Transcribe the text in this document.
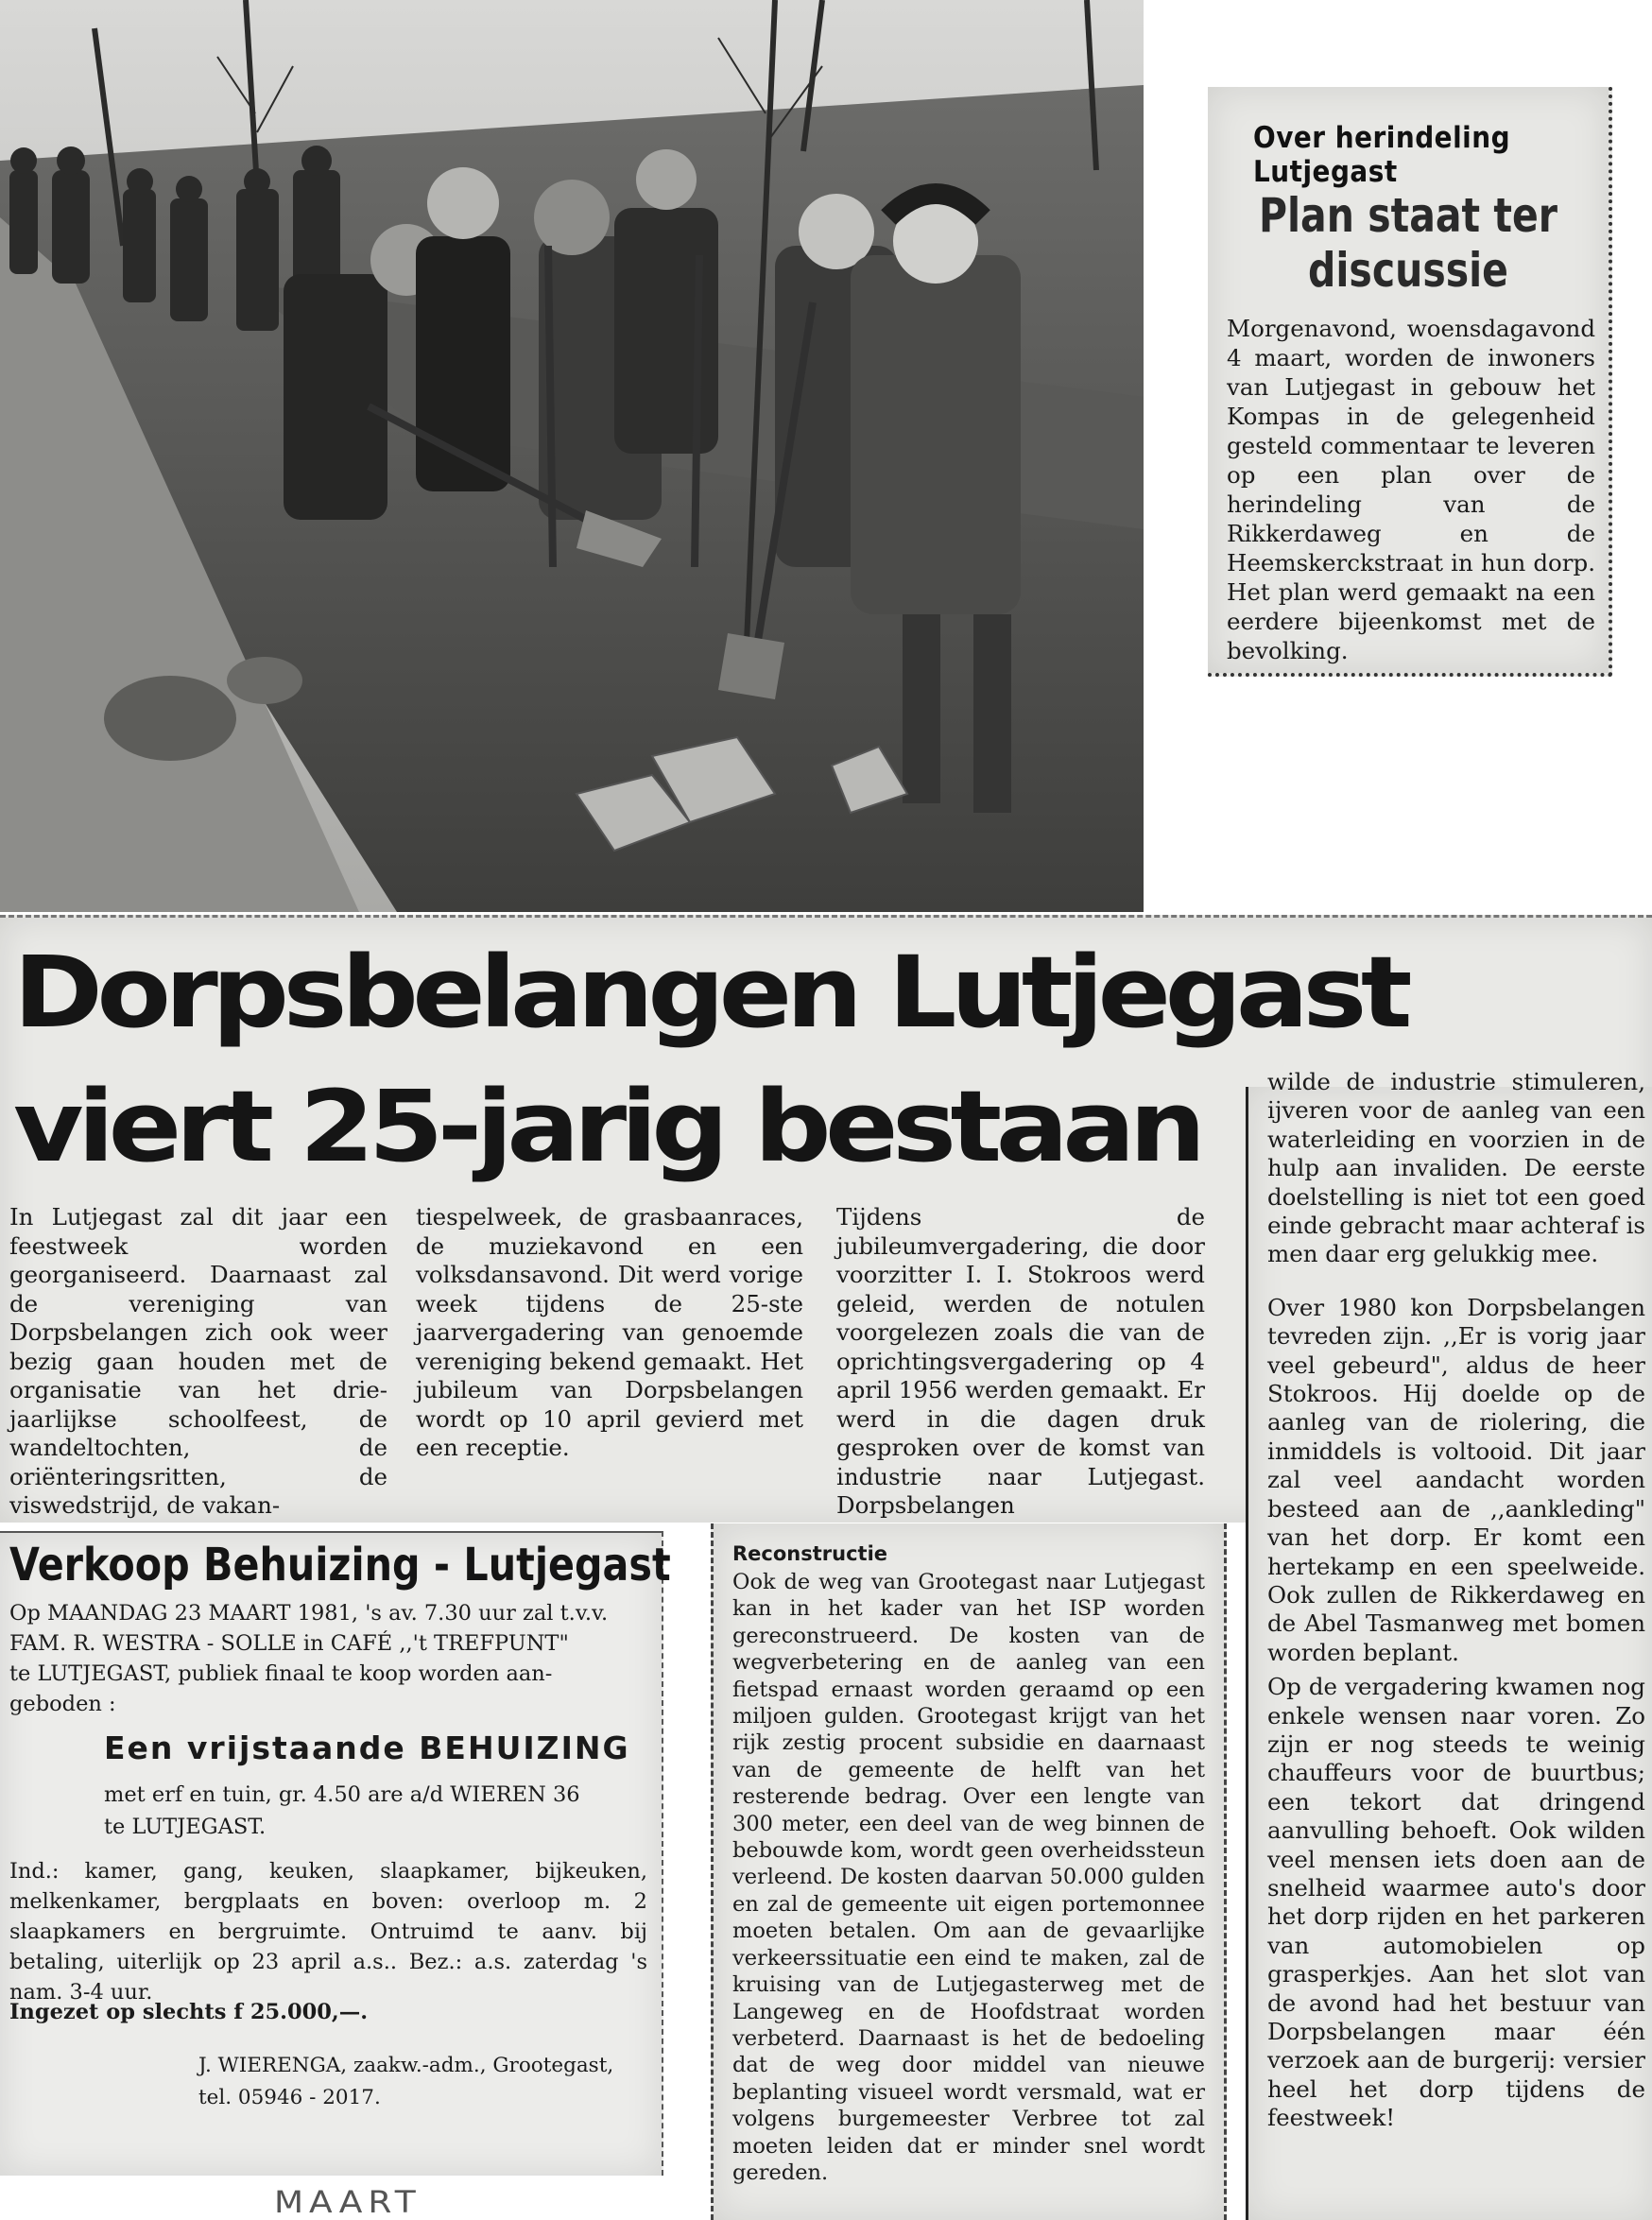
Over herindeling Lutjegast
Plan staat ter
discussie
Morgenavond, woensdagavond 4 maart, worden de inwoners van Lutjegast in gebouw het Kompas in de gelegenheid gesteld commentaar te leveren op een plan over de herindeling van de Rikkerdaweg en de Heemskerckstraat in hun dorp. Het plan werd gemaakt na een eerdere bijeenkomst met de bevolking.
Dorpsbelangen Lutjegast
viert 25-jarig bestaan
In Lutjegast zal dit jaar een feestweek worden georganiseerd. Daarnaast zal de vereniging van Dorpsbelangen zich ook weer bezig gaan houden met de organisatie van het drie-jaarlijkse schoolfeest, de wandeltochten, de oriënteringsritten, de viswedstrijd, de vakan-
tiespelweek, de grasbaanraces, de muziekavond en een volksdansavond. Dit werd vorige week tijdens de 25-ste jaarvergadering van genoemde vereniging bekend gemaakt. Het jubileum van Dorpsbelangen wordt op 10 april gevierd met een receptie.
Tijdens de jubileumvergadering, die door voorzitter I. I. Stokroos werd geleid, werden de notulen voorgelezen zoals die van de oprichtingsvergadering op 4 april 1956 werden gemaakt. Er werd in die dagen druk gesproken over de komst van industrie naar Lutjegast. Dorpsbelangen

wilde de industrie stimuleren, ijveren voor de aanleg van een waterleiding en voorzien in de hulp aan invaliden. De eerste doelstelling is niet tot een goed einde gebracht maar achteraf is men daar erg gelukkig mee.

Over 1980 kon Dorpsbelangen tevreden zijn. ,,Er is vorig jaar veel gebeurd", aldus de heer Stokroos. Hij doelde op de aanleg van de riolering, die inmiddels is voltooid. Dit jaar zal veel aandacht worden besteed aan de ,,aankleding" van het dorp. Er komt een hertekamp en een speelweide. Ook zullen de Rikkerdaweg en de Abel Tasmanweg met bomen worden beplant.

Op de vergadering kwamen nog enkele wensen naar voren. Zo zijn er nog steeds te weinig chauffeurs voor de buurtbus; een tekort dat dringend aanvulling behoeft. Ook wilden veel mensen iets doen aan de snelheid waarmee auto's door het dorp rijden en het parkeren van automobielen op grasperkjes. Aan het slot van de avond had het bestuur van Dorpsbelangen maar één verzoek aan de burgerij: versier heel het dorp tijdens de feestweek!

Verkoop Behuizing - Lutjegast
Op MAANDAG 23 MAART 1981, 's av. 7.30 uur zal t.v.v.
FAM. R. WESTRA - SOLLE in CAFÉ ,,'t TREFPUNT"
te LUTJEGAST, publiek finaal te koop worden aan-
geboden :
Een vrijstaande BEHUIZING
met erf en tuin, gr. 4.50 are a/d WIEREN 36
te LUTJEGAST.
Ind.: kamer, gang, keuken, slaapkamer, bijkeuken, melkenkamer, bergplaats en boven: overloop m. 2 slaapkamers en bergruimte. Ontruimd te aanv. bij betaling, uiterlijk op 23 april a.s.. Bez.: a.s. zaterdag 's nam. 3-4 uur.
Ingezet op slechts f 25.000,—.
J. WIERENGA, zaakw.-adm., Grootegast,
tel. 05946 - 2017.
Reconstructie
Ook de weg van Grootegast naar Lutjegast kan in het kader van het ISP worden gereconstrueerd. De kosten van de wegverbetering en de aanleg van een fietspad ernaast worden geraamd op een miljoen gulden. Grootegast krijgt van het rijk zestig procent subsidie en daarnaast van de gemeente de helft van het resterende bedrag. Over een lengte van 300 meter, een deel van de weg binnen de bebouwde kom, wordt geen overheidssteun verleend. De kosten daarvan 50.000 gulden en zal de gemeente uit eigen portemonnee moeten betalen. Om aan de gevaarlijke verkeerssituatie een eind te maken, zal de kruising van de Lutjegasterweg met de Langeweg en de Hoofdstraat worden verbeterd. Daarnaast is het de bedoeling dat de weg door middel van nieuwe beplanting visueel wordt versmald, wat er volgens burgemeester Verbree tot zal moeten leiden dat er minder snel wordt gereden.
MAART
